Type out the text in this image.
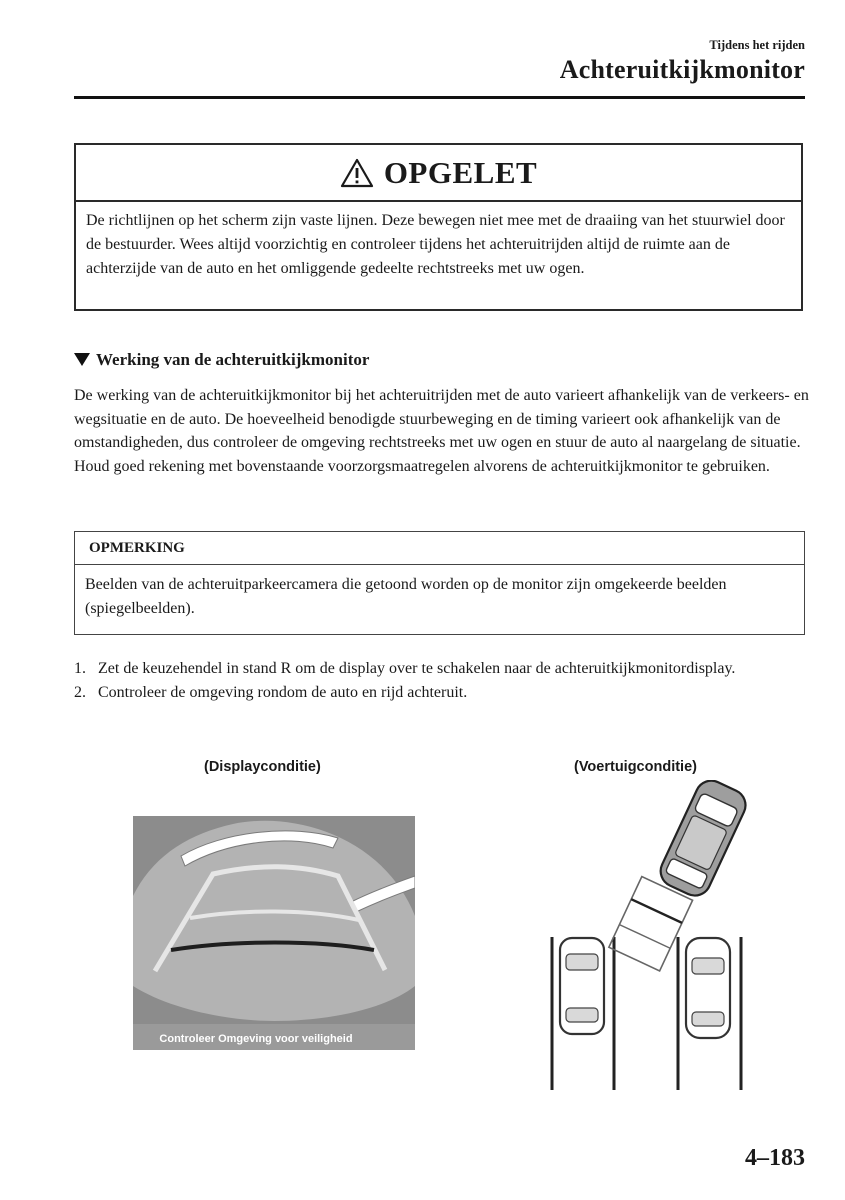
Tijdens het rijden
Achteruitkijkmonitor
OPGELET
De richtlijnen op het scherm zijn vaste lijnen. Deze bewegen niet mee met de draaiing van het stuurwiel door de bestuurder. Wees altijd voorzichtig en controleer tijdens het achteruitrijden altijd de ruimte aan de achterzijde van de auto en het omliggende gedeelte rechtstreeks met uw ogen.
Werking van de achteruitkijkmonitor

De werking van de achteruitkijkmonitor bij het achteruitrijden met de auto varieert afhankelijk van de verkeers- en wegsituatie en de auto. De hoeveelheid benodigde stuurbeweging en de timing varieert ook afhankelijk van de omstandigheden, dus controleer de omgeving rechtstreeks met uw ogen en stuur de auto al naargelang de situatie.

Houd goed rekening met bovenstaande voorzorgsmaatregelen alvorens de achteruitkijkmonitor te gebruiken.

OPMERKING
Beelden van de achteruitparkeercamera die getoond worden op de monitor zijn omgekeerde beelden (spiegelbeelden).
1. Zet de keuzehendel in stand R om de display over te schakelen naar de achteruitkijkmonitordisplay.
2. Controleer de omgeving rondom de auto en rijd achteruit.
(Displayconditie)	(Voertuigconditie)
Controleer Omgeving voor veiligheid
4–183
